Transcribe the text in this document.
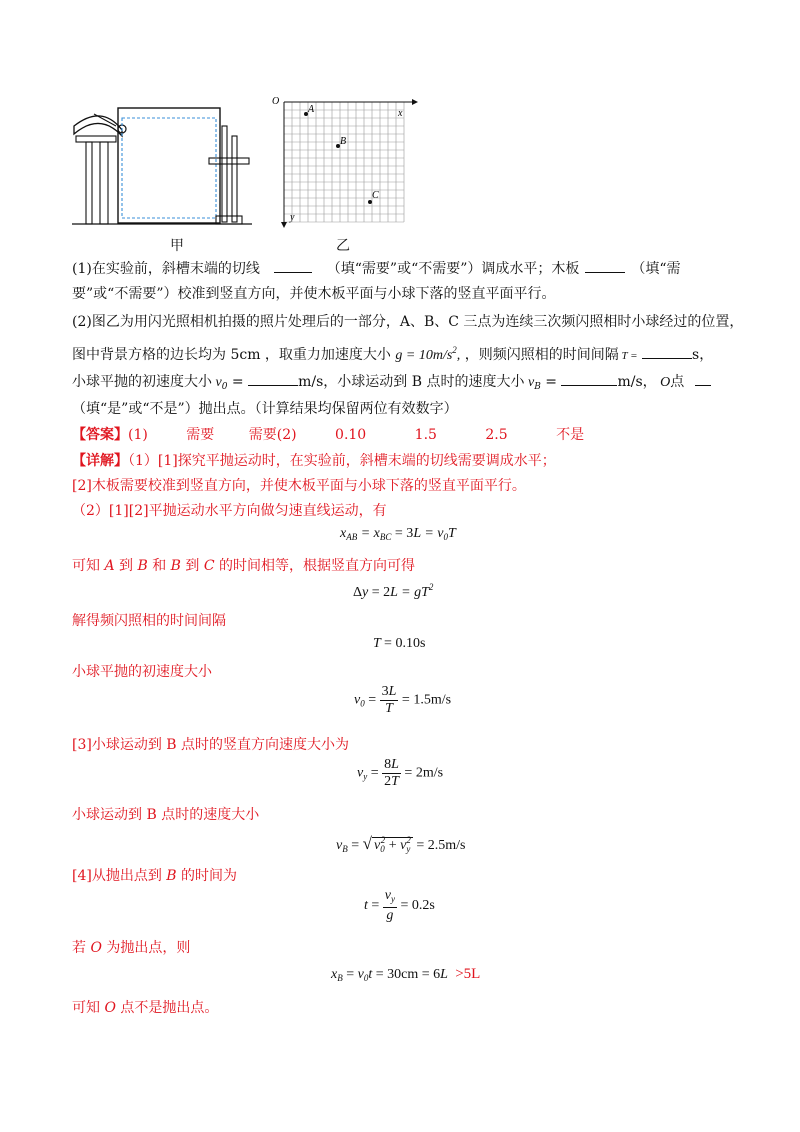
甲
O
x
y
A
B
C
乙
(1)在实验前，斜槽末端的切线	（填“需要”或“不需要”）调成水平；木板	（填“需
要”或“不需要”）校准到竖直方向，并使木板平面与小球下落的竖直平面平行。
(2)图乙为用闪光照相机拍摄的照片处理后的一部分，A、B、C 三点为连续三次频闪照相时小球经过的位置，
图中背景方格的边长均为 5cm ，取重力加速度大小 $g = 10m/s^2$, ，则频闪照相的时间间隔 T =	s，
小球平抛的初速度大小 $v_0$ =	m/s，小球运动到 B 点时的速度大小 $v_B$ =	m/s， O点
（填“是”或“不是”）抛出点。（计算结果均保留两位有效数字）
【答案】(1)	需要 需要(2)	0.10	1.5	2.5	不是
【详解】（1）[1]探究平抛运动时，在实验前，斜槽末端的切线需要调成水平；
[2]木板需要校准到竖直方向，并使木板平面与小球下落的竖直平面平行。
（2）[1][2]平抛运动水平方向做匀速直线运动，有
$x_{AB} = x_{BC} = 3L = v_0T$
可知 A 到 B 和 B 到 C 的时间相等，根据竖直方向可得
$\Delta y = 2L = gT^2$
解得频闪照相的时间间隔
T = 0.10s
小球平抛的初速度大小
$v_0 = \frac{3L}{T} = 1.5m/s$
[3]小球运动到 B 点时的竖直方向速度大小为
$v_y = \frac{8L}{2T} = 2m/s$
小球运动到 B 点时的速度大小
$v_B$ = √ $v_0^2 + v_y^2 = 2.5m/s$
[4]从抛出点到 B 的时间为
$t = \frac{v_y}{g} = 0.2s$
若 O 为抛出点，则
$x_B = v_0t = 30cm = 6L >5L$
可知 O 点不是抛出点。
